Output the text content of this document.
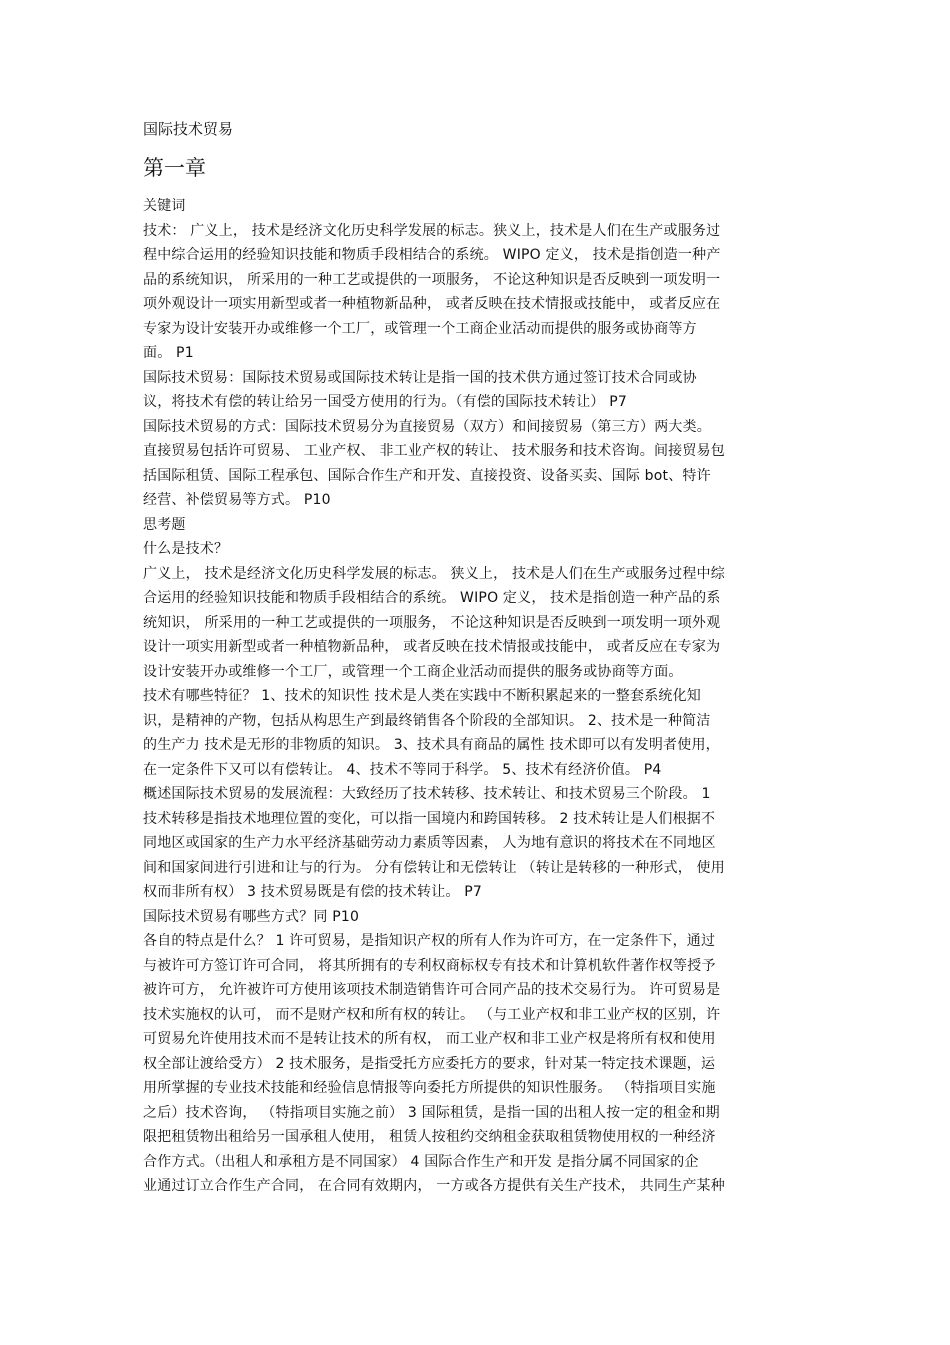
国际技术贸易
第一章
关键词
技术： 广义上， 技术是经济文化历史科学发展的标志。狭义上，技术是人们在生产或服务过
程中综合运用的经验知识技能和物质手段相结合的系统。 WIPO 定义， 技术是指创造一种产
品的系统知识， 所采用的一种工艺或提供的一项服务， 不论这种知识是否反映到一项发明一
项外观设计一项实用新型或者一种植物新品种， 或者反映在技术情报或技能中， 或者反应在
专家为设计安装开办或维修一个工厂，或管理一个工商企业活动而提供的服务或协商等方
面。 P1
国际技术贸易：国际技术贸易或国际技术转让是指一国的技术供方通过签订技术合同或协
议，将技术有偿的转让给另一国受方使用的行为。（有偿的国际技术转让） P7
国际技术贸易的方式：国际技术贸易分为直接贸易（双方）和间接贸易（第三方）两大类。
直接贸易包括许可贸易、 工业产权、 非工业产权的转让、 技术服务和技术咨询。间接贸易包
括国际租赁、国际工程承包、国际合作生产和开发、直接投资、设备买卖、国际 bot、特许
经营、补偿贸易等方式。 P10
思考题
什么是技术？
广义上， 技术是经济文化历史科学发展的标志。 狭义上， 技术是人们在生产或服务过程中综
合运用的经验知识技能和物质手段相结合的系统。 WIPO 定义， 技术是指创造一种产品的系
统知识， 所采用的一种工艺或提供的一项服务， 不论这种知识是否反映到一项发明一项外观
设计一项实用新型或者一种植物新品种， 或者反映在技术情报或技能中， 或者反应在专家为
设计安装开办或维修一个工厂，或管理一个工商企业活动而提供的服务或协商等方面。
技术有哪些特征？ 1、技术的知识性 技术是人类在实践中不断积累起来的一整套系统化知
识，是精神的产物，包括从构思生产到最终销售各个阶段的全部知识。 2、技术是一种简洁
的生产力 技术是无形的非物质的知识。 3、技术具有商品的属性 技术即可以有发明者使用，
在一定条件下又可以有偿转让。 4、技术不等同于科学。 5、技术有经济价值。 P4
概述国际技术贸易的发展流程：大致经历了技术转移、技术转让、和技术贸易三个阶段。 1
技术转移是指技术地理位置的变化，可以指一国境内和跨国转移。 2 技术转让是人们根据不
同地区或国家的生产力水平经济基础劳动力素质等因素， 人为地有意识的将技术在不同地区
间和国家间进行引进和让与的行为。 分有偿转让和无偿转让 （转让是转移的一种形式， 使用
权而非所有权） 3 技术贸易既是有偿的技术转让。 P7
国际技术贸易有哪些方式？同 P10
各自的特点是什么？ 1 许可贸易，是指知识产权的所有人作为许可方，在一定条件下，通过
与被许可方签订许可合同， 将其所拥有的专利权商标权专有技术和计算机软件著作权等授予
被许可方， 允许被许可方使用该项技术制造销售许可合同产品的技术交易行为。 许可贸易是
技术实施权的认可， 而不是财产权和所有权的转让。 （与工业产权和非工业产权的区别，许
可贸易允许使用技术而不是转让技术的所有权， 而工业产权和非工业产权是将所有权和使用
权全部让渡给受方） 2 技术服务，是指受托方应委托方的要求，针对某一特定技术课题，运
用所掌握的专业技术技能和经验信息情报等向委托方所提供的知识性服务。 （特指项目实施
之后）技术咨询， （特指项目实施之前） 3 国际租赁，是指一国的出租人按一定的租金和期
限把租赁物出租给另一国承租人使用， 租赁人按租约交纳租金获取租赁物使用权的一种经济
合作方式。（出租人和承租方是不同国家） 4 国际合作生产和开发 是指分属不同国家的企
业通过订立合作生产合同， 在合同有效期内， 一方或各方提供有关生产技术， 共同生产某种
